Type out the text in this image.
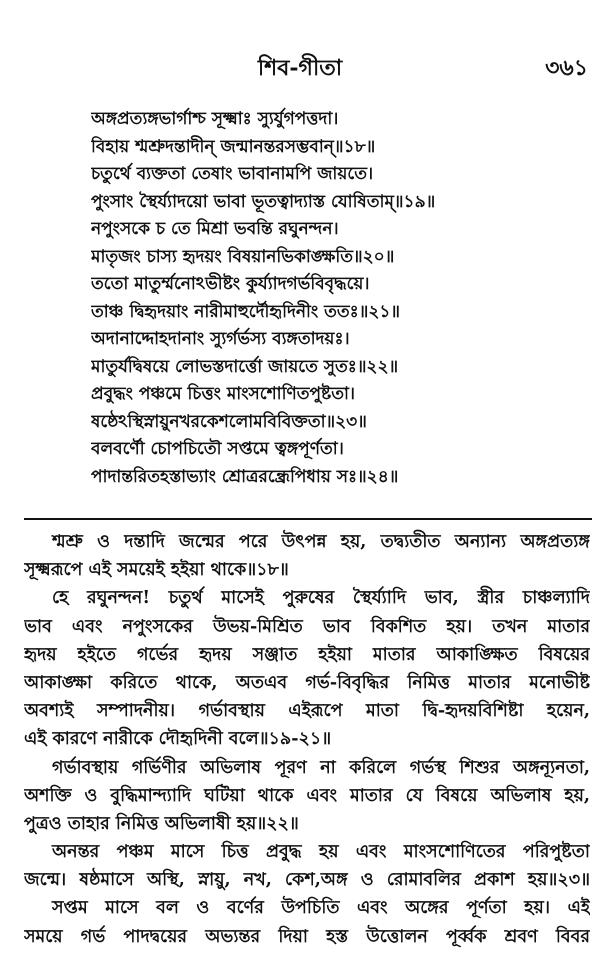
শিব-গীতা	৩৬১
অঙ্গপ্রত্যঙ্গভার্গাশ্চ সূক্ষ্মাঃ স্যুর্যুগপত্তদা।
বিহায় শ্মশ্রুদন্তাদীন্ জন্মানন্তরসম্ভবান্‌॥১৮॥
চতুর্থে ব্যক্ততা তেষাং ভাবানামপি জায়তে।
পুংসাং স্থৈর্য্যাদয়ো ভাবা ভূতত্বাদ্যাস্ত যোষিতাম্‌॥১৯॥
নপুংসকে চ তে মিশ্রা ভবন্তি রঘুনন্দন।
মাতৃজং চাস্য হৃদয়ং বিষয়ানভিকাঙ্ক্ষতি॥২০॥
ততো মাতুর্ম্মনোঽভীষ্টং কুর্য্যাদগর্ভবিবৃদ্ধয়ে।
তাঞ্চ দ্বিহৃদয়াং নারীমাহুর্দৌহৃদিনীং ততঃ॥২১॥
অদানাদ্দোহদানাং স্যুর্গর্ভস্য ব্যঙ্গতাদয়ঃ।
মাতুর্যদ্বিষয়ে লোভস্তদার্ত্তো জায়তে সুতঃ॥২২॥
প্রবুদ্ধং পঞ্চমে চিত্তং মাংসশোণিতপুষ্টতা।
ষষ্ঠেঽস্থিস্নায়ুনখরকেশলোমবিবিক্ততা॥২৩॥
বলবর্ণৌ চোপচিতৌ সপ্তমে ত্বঙ্গপূর্ণতা।
পাদান্তরিতহস্তাভ্যাং শ্রোত্ররন্ধ্রেপিধায় সঃ॥২৪॥
শ্মশ্রু ও দন্তাদি জন্মের পরে উৎপন্ন হয়, তদ্ব্যতীত অন্যান্য অঙ্গপ্রত্যঙ্গ
সূক্ষ্মরূপে এই সময়েই হইয়া থাকে॥১৮॥
হে রঘুনন্দন! চতুর্থ মাসেই পুরুষের স্থৈর্য্যাদি ভাব, স্ত্রীর চাঞ্চল্যাদি
ভাব এবং নপুংসকের উভয়-মিশ্রিত ভাব বিকশিত হয়। তখন মাতার
হৃদয় হইতে গর্ভের হৃদয় সঞ্জাত হইয়া মাতার আকাঙ্ক্ষিত বিষয়ের
আকাঙ্ক্ষা করিতে থাকে, অতএব গর্ভ-বিবৃদ্ধির নিমিত্ত মাতার মনোভীষ্ট
অবশ্যই সম্পাদনীয়। গর্ভাবস্থায় এইরূপে মাতা দ্বি-হৃদয়বিশিষ্টা হয়েন,
এই কারণে নারীকে দৌহৃদিনী বলে॥১৯-২১॥
গর্ভাবস্থায় গর্ভিণীর অভিলাষ পূরণ না করিলে গর্ভস্থ শিশুর অঙ্গন্যূনতা,
অশক্তি ও বুদ্ধিমান্দ্যাদি ঘটিয়া থাকে এবং মাতার যে বিষয়ে অভিলাষ হয়,
পুত্রও তাহার নিমিত্ত অভিলাষী হয়॥২২॥
অনন্তর পঞ্চম মাসে চিত্ত প্রবুদ্ধ হয় এবং মাংসশোণিতের পরিপুষ্টতা
জন্মে। ষষ্ঠমাসে অস্থি, স্নায়ু, নখ, কেশ,অঙ্গ ও রোমাবলির প্রকাশ হয়॥২৩॥
সপ্তম মাসে বল ও বর্ণের উপচিতি এবং অঙ্গের পূর্ণতা হয়। এই
সময়ে গর্ভ পাদদ্বয়ের অভ্যন্তর দিয়া হস্ত উত্তোলন পূর্ব্বক শ্রবণ বিবর
